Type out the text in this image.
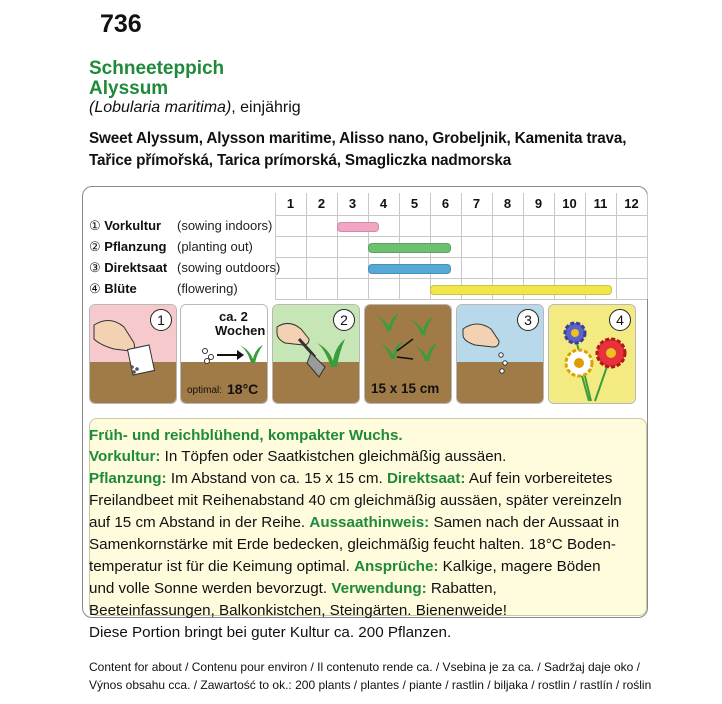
736
Schneeteppich
Alyssum
(Lobularia maritima), einjährig
Sweet Alyssum, Alysson maritime, Alisso nano, Grobeljnik, Kamenita trava,
Tařice přímořská, Tarica prímorská, Smagliczka nadmorska
1	2	3	4	5	6	7	8	9	10	11	12
① Vorkultur (sowing indoors)
② Pflanzung (planting out)
③ Direktsaat (sowing outdoors)
④ Blüte	(flowering)
1	ca. 2
Wochen
optimal: 18°C
2
15 x 15 cm
3	4
Früh- und reichblühend, kompakter Wuchs.
Vorkultur: In Töpfen oder Saatkistchen gleichmäßig aussäen.
Pflanzung: Im Abstand von ca. 15 x 15 cm. Direktsaat: Auf fein vorbereitetes
Freilandbeet mit Reihenabstand 40 cm gleichmäßig aussäen, später vereinzeln
auf 15 cm Abstand in der Reihe. Aussaathinweis: Samen nach der Aussaat in
Samenkornstärke mit Erde bedecken, gleichmäßig feucht halten. 18°C Boden-
temperatur ist für die Keimung optimal. Ansprüche: Kalkige, magere Böden
und volle Sonne werden bevorzugt. Verwendung: Rabatten,
Beeteinfassungen, Balkonkistchen, Steingärten. Bienenweide!
Diese Portion bringt bei guter Kultur ca. 200 Pflanzen.
Content for about / Contenu pour environ / Il contenuto rende ca. / Vsebina je za ca. / Sadržaj daje oko /
Výnos obsahu cca. / Zawartość to ok.: 200 plants / plantes / piante / rastlin / biljaka / rostlin / rastlín / roślin
